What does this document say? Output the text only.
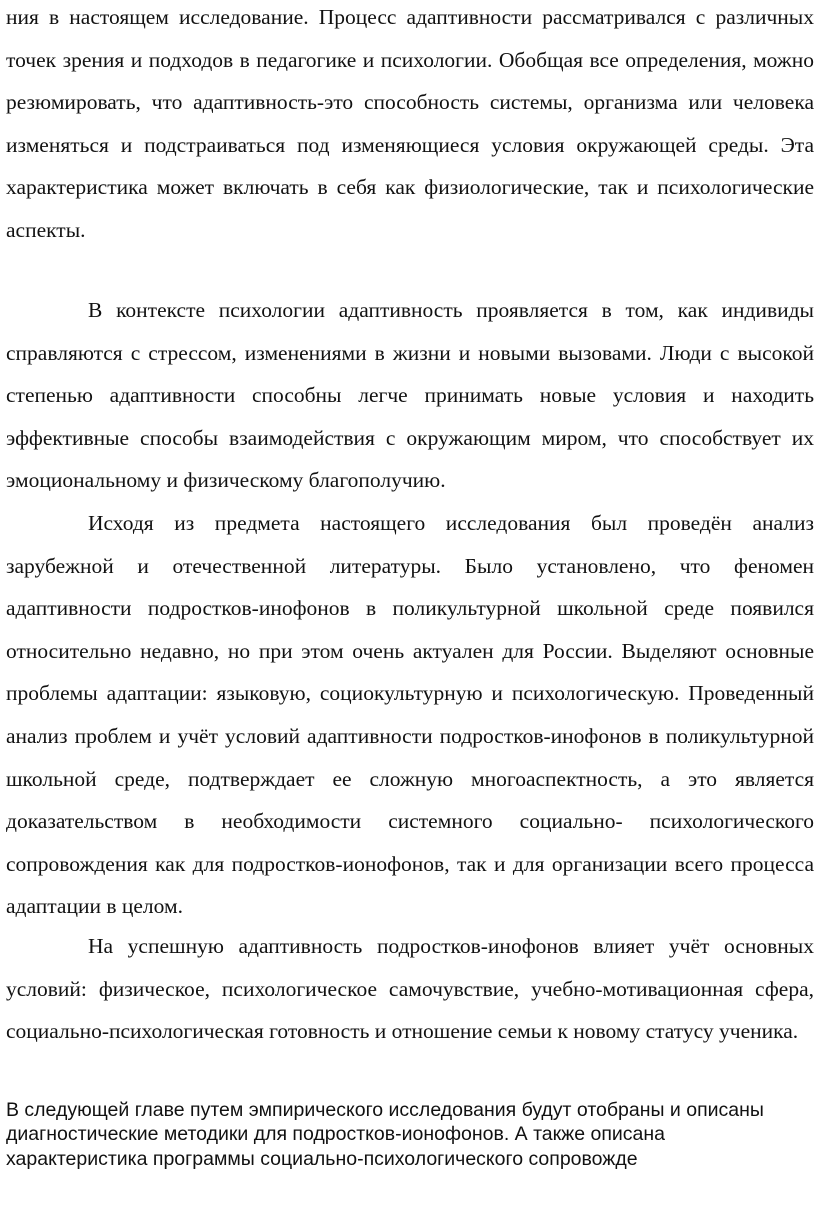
ния в настоящем исследование. Процесс адаптивности рассматривался с различных точек зрения и подходов в педагогике и психологии. Обобщая все определения, можно резюмировать, что адаптивность-это способность системы, организма или человека изменяться и подстраиваться под изменяющиеся условия окружающей среды. Эта характеристика может включать в себя как физиологические, так и психологические аспекты.

В контексте психологии адаптивность проявляется в том, как индивиды справляются с стрессом, изменениями в жизни и новыми вызовами. Люди с высокой степенью адаптивности способны легче принимать новые условия и находить эффективные способы взаимодействия с окружающим миром, что способствует их эмоциональному и физическому благополучию.

Исходя из предмета настоящего исследования был проведён анализ зарубежной и отечественной литературы. Было установлено, что феномен адаптивности подростков-инофонов в поликультурной школьной среде появился относительно недавно, но при этом очень актуален для России. Выделяют основные проблемы адаптации: языковую, социокультурную и психологическую. Проведенный анализ проблем и учёт условий адаптивности подростков-инофонов в поликультурной школьной среде, подтверждает ее сложную многоаспектность, а это является доказательством в необходимости системного социально- психологического сопровождения как для подростков-ионофонов, так и для организации всего процесса адаптации в целом.

На успешную адаптивность подростков-инофонов влияет учёт основных условий: физическое, психологическое самочувствие, учебно-мотивационная сфера, социально-психологическая готовность и отношение семьи к новому статусу ученика.

В следующей главе путем эмпирического исследования будут отобраны и описаны диагностические методики для подростков-ионофонов. А также описана характеристика программы социально-психологического сопровожде
